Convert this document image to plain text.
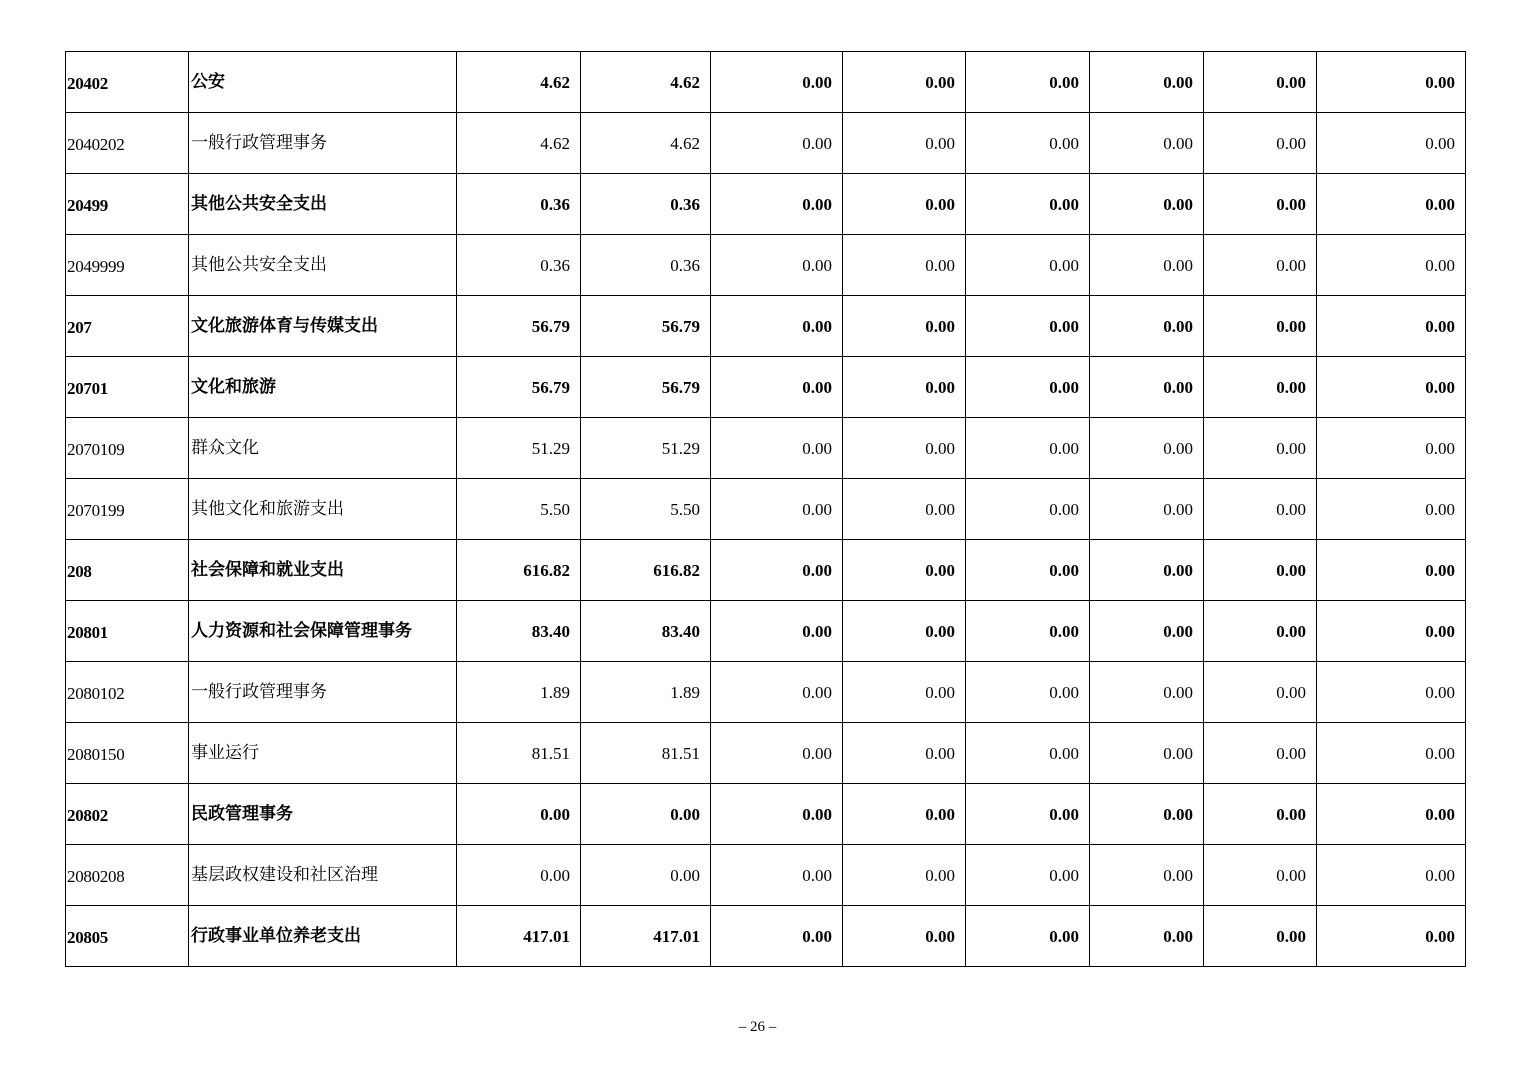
20402	公安	4.62	4.62	0.00	0.00	0.00	0.00	0.00	0.00
2040202	一般行政管理事务	4.62	4.62	0.00	0.00	0.00	0.00	0.00	0.00
20499	其他公共安全支出	0.36	0.36	0.00	0.00	0.00	0.00	0.00	0.00
2049999	其他公共安全支出	0.36	0.36	0.00	0.00	0.00	0.00	0.00	0.00
207	文化旅游体育与传媒支出	56.79	56.79	0.00	0.00	0.00	0.00	0.00	0.00
20701	文化和旅游	56.79	56.79	0.00	0.00	0.00	0.00	0.00	0.00
2070109	群众文化	51.29	51.29	0.00	0.00	0.00	0.00	0.00	0.00
2070199	其他文化和旅游支出	5.50	5.50	0.00	0.00	0.00	0.00	0.00	0.00
208	社会保障和就业支出	616.82	616.82	0.00	0.00	0.00	0.00	0.00	0.00
20801	人力资源和社会保障管理事务	83.40	83.40	0.00	0.00	0.00	0.00	0.00	0.00
2080102	一般行政管理事务	1.89	1.89	0.00	0.00	0.00	0.00	0.00	0.00
2080150	事业运行	81.51	81.51	0.00	0.00	0.00	0.00	0.00	0.00
20802	民政管理事务	0.00	0.00	0.00	0.00	0.00	0.00	0.00	0.00
2080208	基层政权建设和社区治理	0.00	0.00	0.00	0.00	0.00	0.00	0.00	0.00
20805	行政事业单位养老支出	417.01	417.01	0.00	0.00	0.00	0.00	0.00	0.00
– 26 –
